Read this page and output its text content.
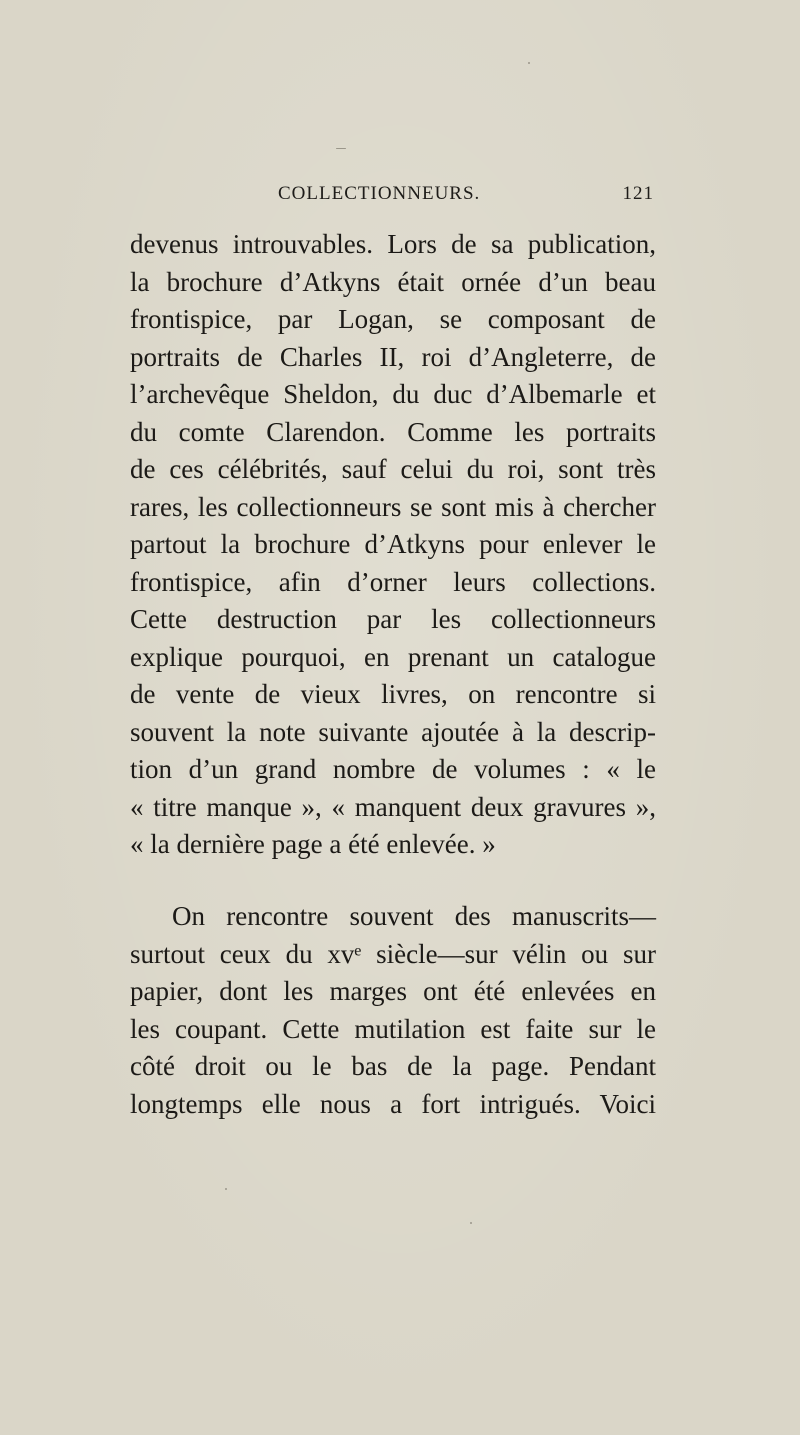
COLLECTIONNEURS.	121
devenus introuvables. Lors de sa publication,
la brochure d’Atkyns était ornée d’un beau
frontispice, par Logan, se composant de
portraits de Charles II, roi d’Angleterre, de
l’archevêque Sheldon, du duc d’Albemarle et
du comte Clarendon. Comme les portraits
de ces célébrités, sauf celui du roi, sont très
rares, les collectionneurs se sont mis à chercher
partout la brochure d’Atkyns pour enlever le
frontispice, afin d’orner leurs collections.
Cette destruction par les collectionneurs
explique pourquoi, en prenant un catalogue
de vente de vieux livres, on rencontre si
souvent la note suivante ajoutée à la descrip-
tion d’un grand nombre de volumes : « le
« titre manque », « manquent deux gravures »,
« la dernière page a été enlevée. »
On rencontre souvent des manuscrits—
surtout ceux du xvᵉ siècle—sur vélin ou sur
papier, dont les marges ont été enlevées en
les coupant. Cette mutilation est faite sur le
côté droit ou le bas de la page. Pendant
longtemps elle nous a fort intrigués. Voici
